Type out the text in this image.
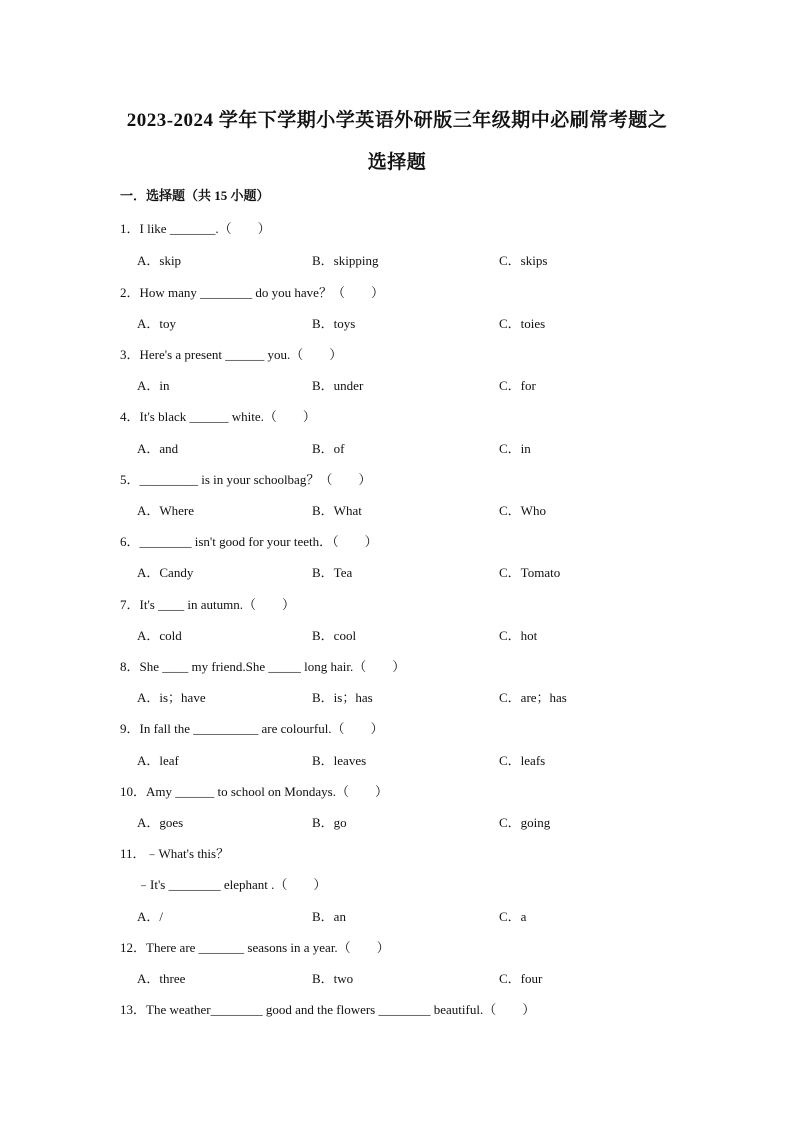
2023-2024 学年下学期小学英语外研版三年级期中必刷常考题之
选择题
一．选择题（共 15 小题）
1．I like _______.（　　）
A．skip	B．skipping	C．skips
2．How many ________ do you have？（　　）
A．toy	B．toys	C．toies
3．Here's a present ______ you.（　　）
A．in	B．under	C．for
4．It's black ______ white.（　　）
A．and	B．of	C．in
5．_________ is in your schoolbag？（　　）
A．Where	B．What	C．Who
6．________ isn't good for your teeth．（　　）
A．Candy	B．Tea	C．Tomato
7．It's ____ in autumn.（　　）
A．cold	B．cool	C．hot
8．She ____ my friend.She _____ long hair.（　　）
A．is；have	B．is；has	C．are；has
9．In fall the __________ are colourful.（　　）
A．leaf	B．leaves	C．leafs
10．Amy ______ to school on Mondays.（　　）
A．goes	B．go	C．going
11．﹣What's this？
﹣It's ________ elephant .（　　）
A．/	B．an	C．a
12．There are _______ seasons in a year.（　　）
A．three	B．two	C．four
13．The weather________ good and the flowers ________ beautiful.（　　）
